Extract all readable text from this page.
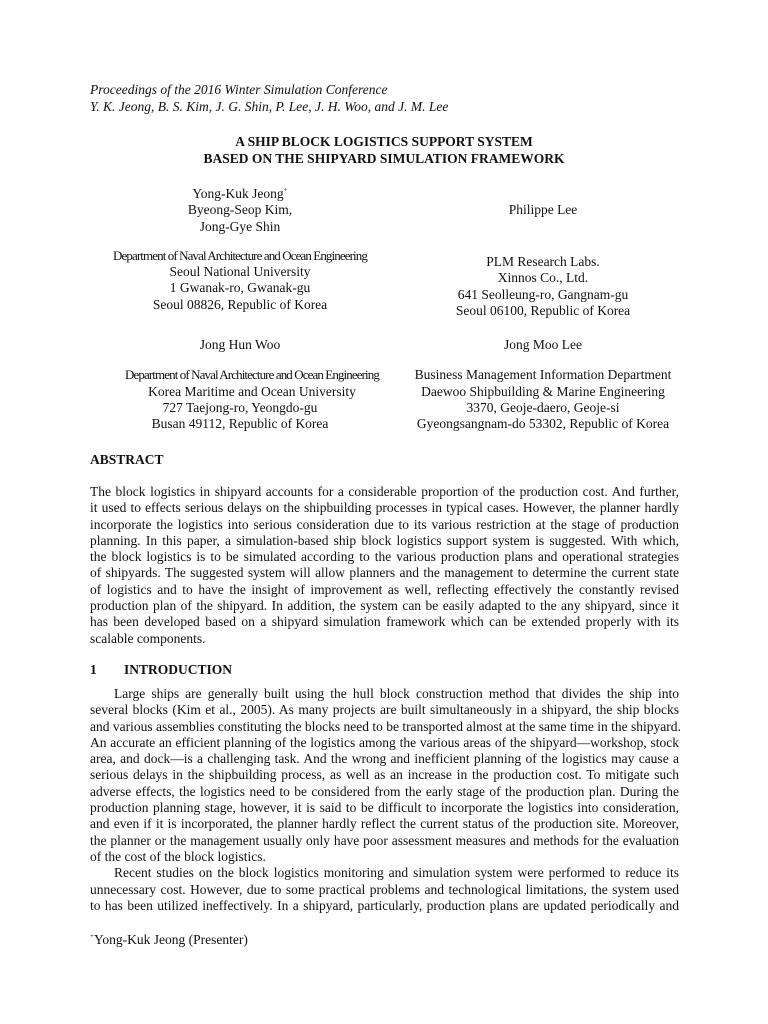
Proceedings of the 2016 Winter Simulation Conference
Y. K. Jeong, B. S. Kim, J. G. Shin, P. Lee, J. H. Woo, and J. M. Lee
A SHIP BLOCK LOGISTICS SUPPORT SYSTEM
BASED ON THE SHIPYARD SIMULATION FRAMEWORK
Yong-Kuk Jeong+
Byeong-Seop Kim,
Jong-Gye Shin
Department of Naval Architecture and Ocean Engineering
Seoul National University
1 Gwanak-ro, Gwanak-gu
Seoul 08826, Republic of Korea
Philippe Lee
PLM Research Labs.
Xinnos Co., Ltd.
641 Seolleung-ro, Gangnam-gu
Seoul 06100, Republic of Korea
Jong Hun Woo
Department of Naval Architecture and Ocean Engineering
Korea Maritime and Ocean University
727 Taejong-ro, Yeongdo-gu
Busan 49112, Republic of Korea
Jong Moo Lee
Business Management Information Department
Daewoo Shipbuilding & Marine Engineering
3370, Geoje-daero, Geoje-si
Gyeongsangnam-do 53302, Republic of Korea
ABSTRACT
The block logistics in shipyard accounts for a considerable proportion of the production cost. And further,
it used to effects serious delays on the shipbuilding processes in typical cases. However, the planner hardly
incorporate the logistics into serious consideration due to its various restriction at the stage of production
planning. In this paper, a simulation-based ship block logistics support system is suggested. With which,
the block logistics is to be simulated according to the various production plans and operational strategies
of shipyards. The suggested system will allow planners and the management to determine the current state
of logistics and to have the insight of improvement as well, reflecting effectively the constantly revised
production plan of the shipyard. In addition, the system can be easily adapted to the any shipyard, since it
has been developed based on a shipyard simulation framework which can be extended properly with its
scalable components.
1 INTRODUCTION
Large ships are generally built using the hull block construction method that divides the ship into
several blocks (Kim et al., 2005). As many projects are built simultaneously in a shipyard, the ship blocks
and various assemblies constituting the blocks need to be transported almost at the same time in the shipyard.
An accurate an efficient planning of the logistics among the various areas of the shipyard—workshop, stock
area, and dock—is a challenging task. And the wrong and inefficient planning of the logistics may cause a
serious delays in the shipbuilding process, as well as an increase in the production cost. To mitigate such
adverse effects, the logistics need to be considered from the early stage of the production plan. During the
production planning stage, however, it is said to be difficult to incorporate the logistics into consideration,
and even if it is incorporated, the planner hardly reflect the current status of the production site. Moreover,
the planner or the management usually only have poor assessment measures and methods for the evaluation
of the cost of the block logistics.
Recent studies on the block logistics monitoring and simulation system were performed to reduce its
unnecessary cost. However, due to some practical problems and technological limitations, the system used
to has been utilized ineffectively. In a shipyard, particularly, production plans are updated periodically and
+Yong-Kuk Jeong (Presenter)
